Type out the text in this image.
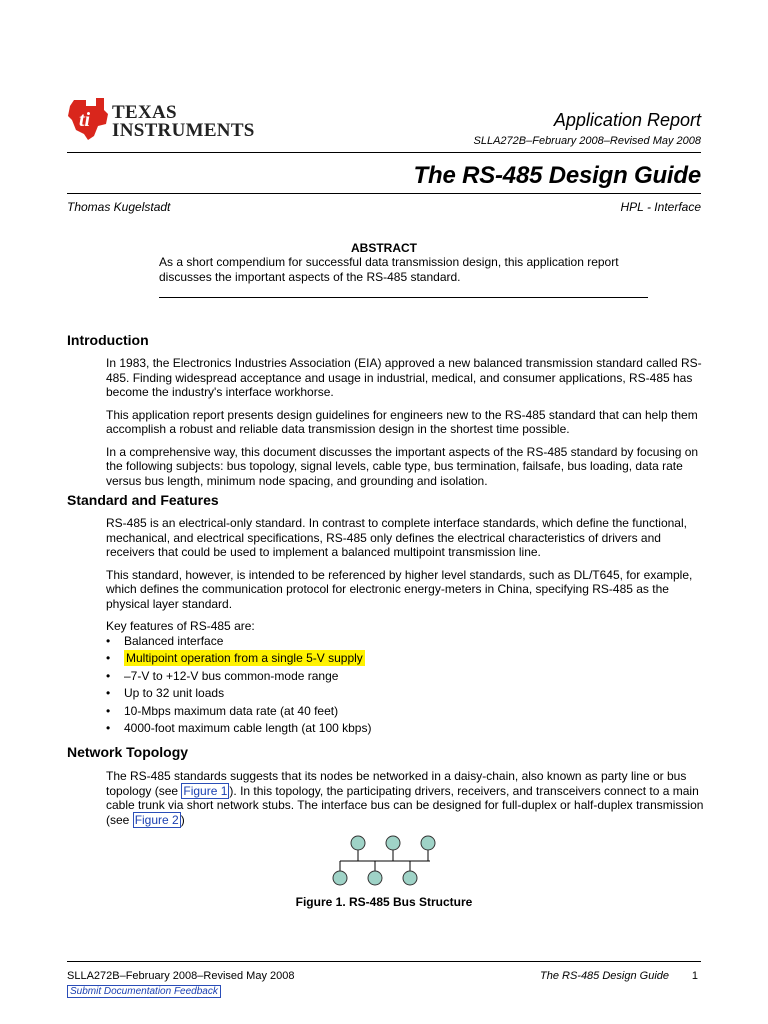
ti TEXAS
INSTRUMENTS	Application Report
SLLA272B–February 2008–Revised May 2008
The RS-485 Design Guide
Thomas Kugelstadt	HPL - Interface
ABSTRACT
As a short compendium for successful data transmission design, this application report discusses the important aspects of the RS-485 standard.
Introduction

In 1983, the Electronics Industries Association (EIA) approved a new balanced transmission standard called RS-485. Finding widespread acceptance and usage in industrial, medical, and consumer applications, RS-485 has become the industry's interface workhorse.

This application report presents design guidelines for engineers new to the RS-485 standard that can help them accomplish a robust and reliable data transmission design in the shortest time possible.

In a comprehensive way, this document discusses the important aspects of the RS-485 standard by focusing on the following subjects: bus topology, signal levels, cable type, bus termination, failsafe, bus loading, data rate versus bus length, minimum node spacing, and grounding and isolation.

Standard and Features

RS-485 is an electrical-only standard. In contrast to complete interface standards, which define the functional, mechanical, and electrical specifications, RS-485 only defines the electrical characteristics of drivers and receivers that could be used to implement a balanced multipoint transmission line.

This standard, however, is intended to be referenced by higher level standards, such as DL/T645, for example, which defines the communication protocol for electronic energy-meters in China, specifying RS-485 as the physical layer standard.

Key features of RS-485 are:

• Balanced interface
• Multipoint operation from a single 5-V supply
• –7-V to +12-V bus common-mode range
• Up to 32 unit loads
• 10-Mbps maximum data rate (at 40 feet)
• 4000-foot maximum cable length (at 100 kbps)
Network Topology

The RS-485 standards suggests that its nodes be networked in a daisy-chain, also known as party line or bus topology (see Figure 1 ). In this topology, the participating drivers, receivers, and transceivers connect to a main cable trunk via short network stubs. The interface bus can be designed for full-duplex or half-duplex transmission (see Figure 2 )

Figure 1. RS-485 Bus Structure
SLLA272B–February 2008–Revised May 2008	The RS-485 Design Guide 1
Submit Documentation Feedback
